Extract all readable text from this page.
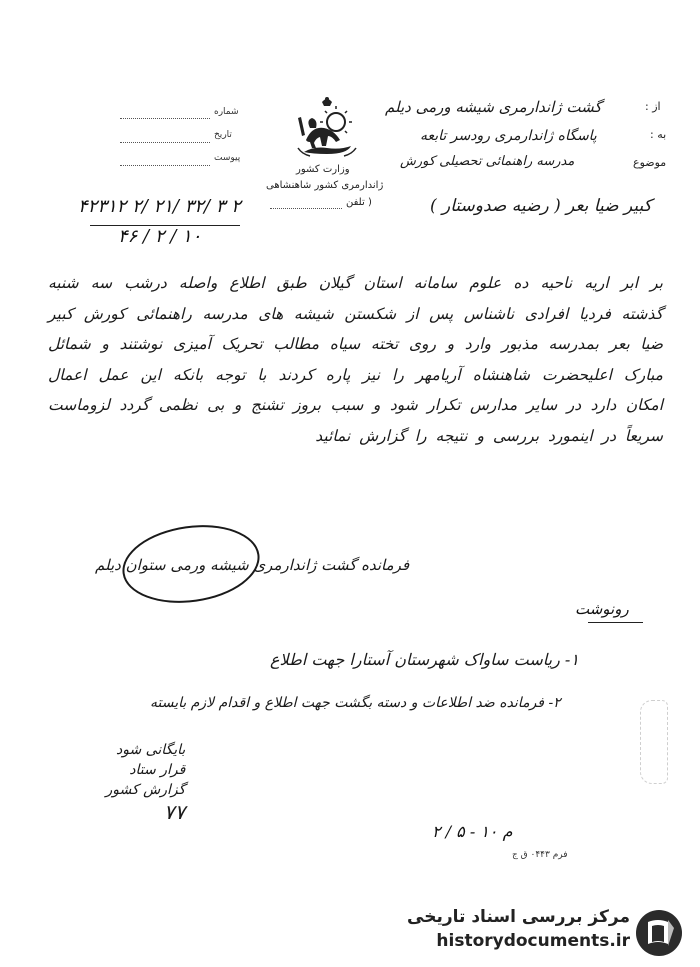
شماره
تاریخ
پیوست
وزارت کشور
ژاندارمری کشور شاهنشاهی
( تلفن
از :
گشت ژاندارمری شیشه ورمی دیلم
به :
پاسگاه ژاندارمری رودسر تابعه
موضوع
مدرسه راهنمائی تحصیلی کورش
۴۲۳۱۲ ۲/ ۲۱/ ۳۲/ ۳ ۲
۴۶ / ۲ / ۱۰
کبیر ضیا بعر ( رضیه صدوستار )
بر ابر اریه ناحیه ده علوم سامانه استان گیلان طبق اطلاع واصله درشب سه شنبه گذشته فردیا افرادی ناشناس پس از شکستن شیشه های مدرسه راهنمائی کورش کبیر ضیا بعر بمدرسه مذبور وارد و روی تخته سیاه مطالب تحریک آمیزی نوشتند و شمائل مبارک اعلیحضرت شاهنشاه آریامهر را نیز پاره کردند با توجه بانکه این عمل اعمال امکان دارد در سایر مدارس تکرار شود و سبب بروز تشنج و بی نظمی گردد لزوماست سریعاً در اینمورد بررسی و نتیجه را گزارش نمائید
فرمانده گشت ژاندارمری شیشه ورمی ستوان دیلم
رونوشت
۱- ریاست ساواک شهرستان آستارا جهت اطلاع
۲- فرمانده ضد اطلاعات و دسته بگشت جهت اطلاع و اقدام لازم بایسته
بایگانی شود
قرار ستاد
گزارش کشور
۷۷
م ۱۰ - ۵ / ۲
فرم ۰۴۴۳ ق ج
مرکز بررسی اسناد تاریخی
historydocuments.ir
